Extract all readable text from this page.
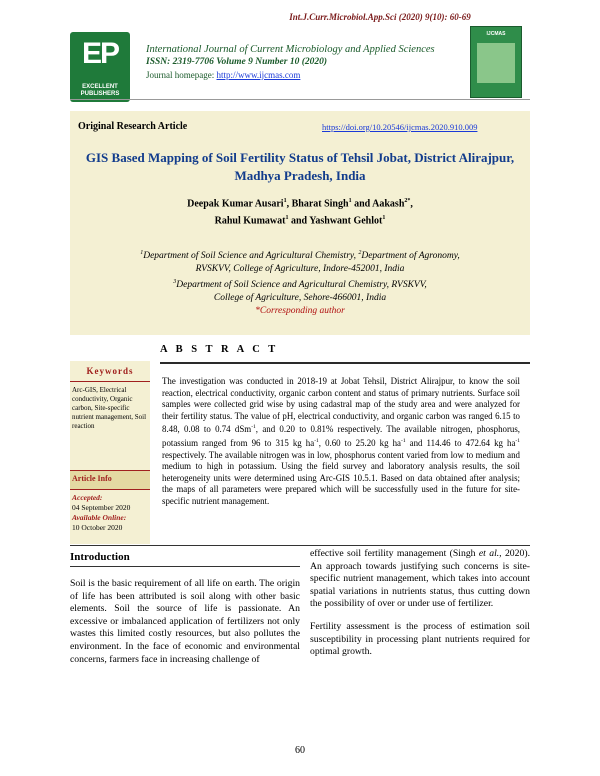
Int.J.Curr.Microbiol.App.Sci (2020) 9(10): 60-69
EP
EXCELLENT PUBLISHERS
International Journal of Current Microbiology and Applied Sciences
ISSN: 2319-7706 Volume 9 Number 10 (2020)
Journal homepage: http://www.ijcmas.com
IJCMAS
Original Research Article	https://doi.org/10.20546/ijcmas.2020.910.009
GIS Based Mapping of Soil Fertility Status of Tehsil Jobat, District Alirajpur, Madhya Pradesh, India
Deepak Kumar Ausari$^1$, Bharat Singh$^1$ and Aakash$^{2*}$,
Rahul Kumawat$^1$ and Yashwant Gehlot$^1$
$^1$Department of Soil Science and Agricultural Chemistry, $^2$Department of Agronomy,
RVSKVV, College of Agriculture, Indore-452001, India
$^3$Department of Soil Science and Agricultural Chemistry, RVSKVV,
College of Agriculture, Sehore-466001, India
*Corresponding author
A B S T R A C T
Keywords
Arc-GIS, Electrical conductivity, Organic carbon, Site-specific nutrient management, Soil reaction
Article Info
Accepted:
04 September 2020
Available Online:
10 October 2020
The investigation was conducted in 2018-19 at Jobat Tehsil, District Alirajpur, to know the soil reaction, electrical conductivity, organic carbon content and status of primary nutrients. Surface soil samples were collected grid wise by using cadastral map of the study area and were analyzed for their fertility status. The value of pH, electrical conductivity, and organic carbon was ranged 6.15 to 8.48, 0.08 to 0.74 dSm$^{-1}$, and 0.20 to 0.81% respectively. The available nitrogen, phosphorus, potassium ranged from 96 to 315 kg $ha^{-1}$, 0.60 to 25.20 kg $ha^{-1}$ and 114.46 to 472.64 kg $ha^{-1}$ respectively. The available nitrogen was in low, phosphorus content varied from low to medium and medium to high in potassium. Using the field survey and laboratory analysis results, the soil heterogeneity units were determined using Arc-GIS 10.5.1. Based on data obtained after analysis; the maps of all parameters were prepared which will be successfully used in the future for site-specific nutrient management.
Introduction
Soil is the basic requirement of all life on earth. The origin of life has been attributed is soil along with other basic elements. Soil the source of life is passionate. An excessive or imbalanced application of fertilizers not only wastes this limited costly resources, but also pollutes the environment. In the face of economic and environmental concerns, farmers face in increasing challenge of

effective soil fertility management (Singh et al., 2020). An approach towards justifying such concerns is site-specific nutrient management, which takes into account spatial variations in nutrients status, thus cutting down the possibility of over or under use of fertilizer.

Fertility assessment is the process of estimation soil susceptibility in processing plant nutrients required for optimal growth.

60
